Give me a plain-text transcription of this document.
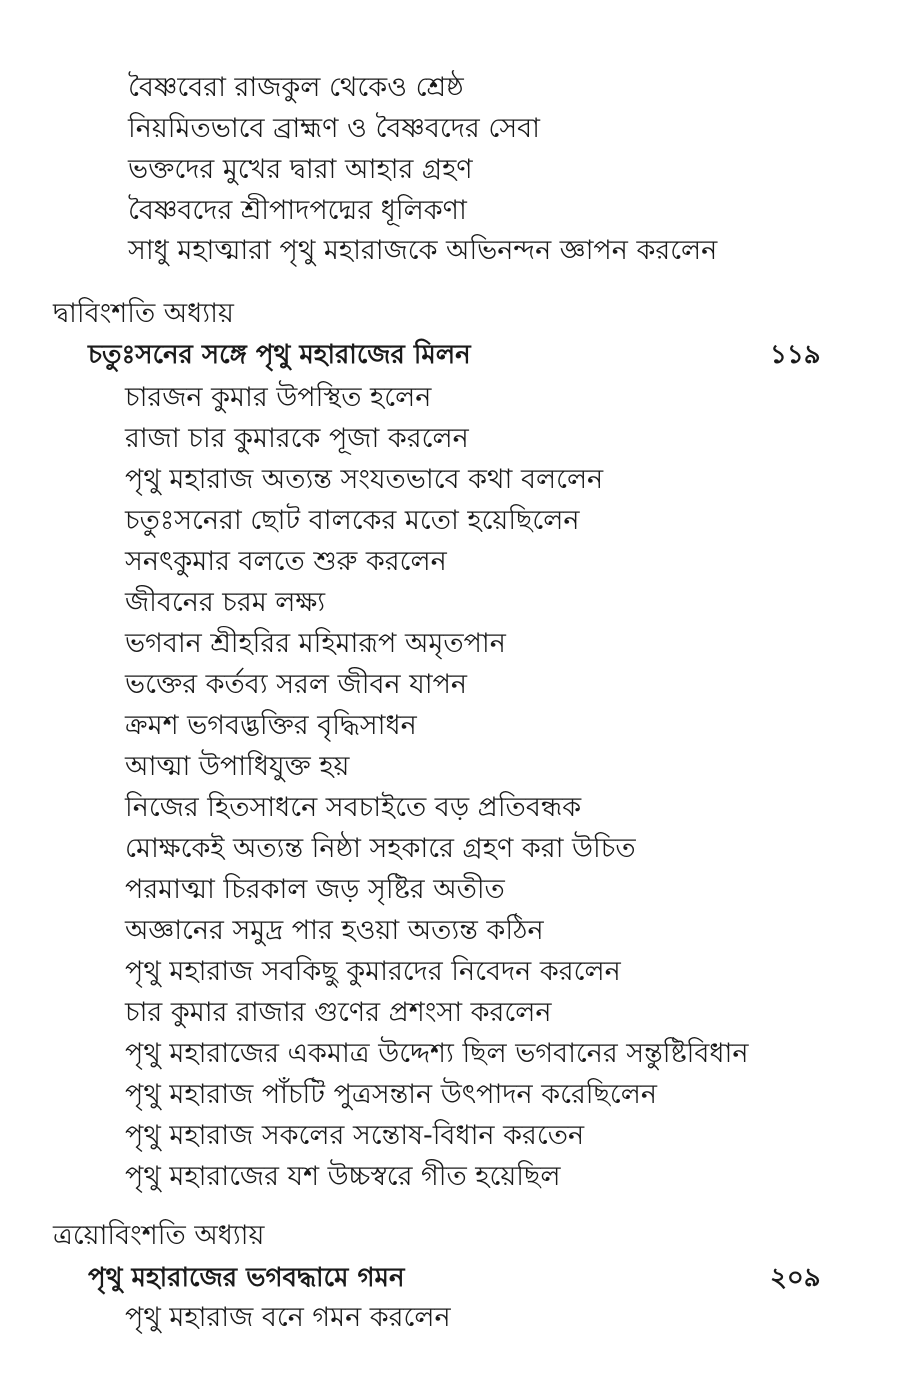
বৈষ্ণবেরা রাজকুল থেকেও শ্রেষ্ঠ
নিয়মিতভাবে ব্রাহ্মণ ও বৈষ্ণবদের সেবা
ভক্তদের মুখের দ্বারা আহার গ্রহণ
বৈষ্ণবদের শ্রীপাদপদ্মের ধূলিকণা
সাধু মহাত্মারা পৃথু মহারাজকে অভিনন্দন জ্ঞাপন করলেন
দ্বাবিংশতি অধ্যায়
চতুঃসনের সঙ্গে পৃথু মহারাজের মিলন	১১৯
চারজন কুমার উপস্থিত হলেন
রাজা চার কুমারকে পূজা করলেন
পৃথু মহারাজ অত্যন্ত সংযতভাবে কথা বললেন
চতুঃসনেরা ছোট বালকের মতো হয়েছিলেন
সনৎকুমার বলতে শুরু করলেন
জীবনের চরম লক্ষ্য
ভগবান শ্রীহরির মহিমারূপ অমৃতপান
ভক্তের কর্তব্য সরল জীবন যাপন
ক্রমশ ভগবদ্ভক্তির বৃদ্ধিসাধন
আত্মা উপাধিযুক্ত হয়
নিজের হিতসাধনে সবচাইতে বড় প্রতিবন্ধক
মোক্ষকেই অত্যন্ত নিষ্ঠা সহকারে গ্রহণ করা উচিত
পরমাত্মা চিরকাল জড় সৃষ্টির অতীত
অজ্ঞানের সমুদ্র পার হওয়া অত্যন্ত কঠিন
পৃথু মহারাজ সবকিছু কুমারদের নিবেদন করলেন
চার কুমার রাজার গুণের প্রশংসা করলেন
পৃথু মহারাজের একমাত্র উদ্দেশ্য ছিল ভগবানের সন্তুষ্টিবিধান
পৃথু মহারাজ পাঁচটি পুত্রসন্তান উৎপাদন করেছিলেন
পৃথু মহারাজ সকলের সন্তোষ-বিধান করতেন
পৃথু মহারাজের যশ উচ্চস্বরে গীত হয়েছিল
ত্রয়োবিংশতি অধ্যায়
পৃথু মহারাজের ভগবদ্ধামে গমন	২০৯
পৃথু মহারাজ বনে গমন করলেন
